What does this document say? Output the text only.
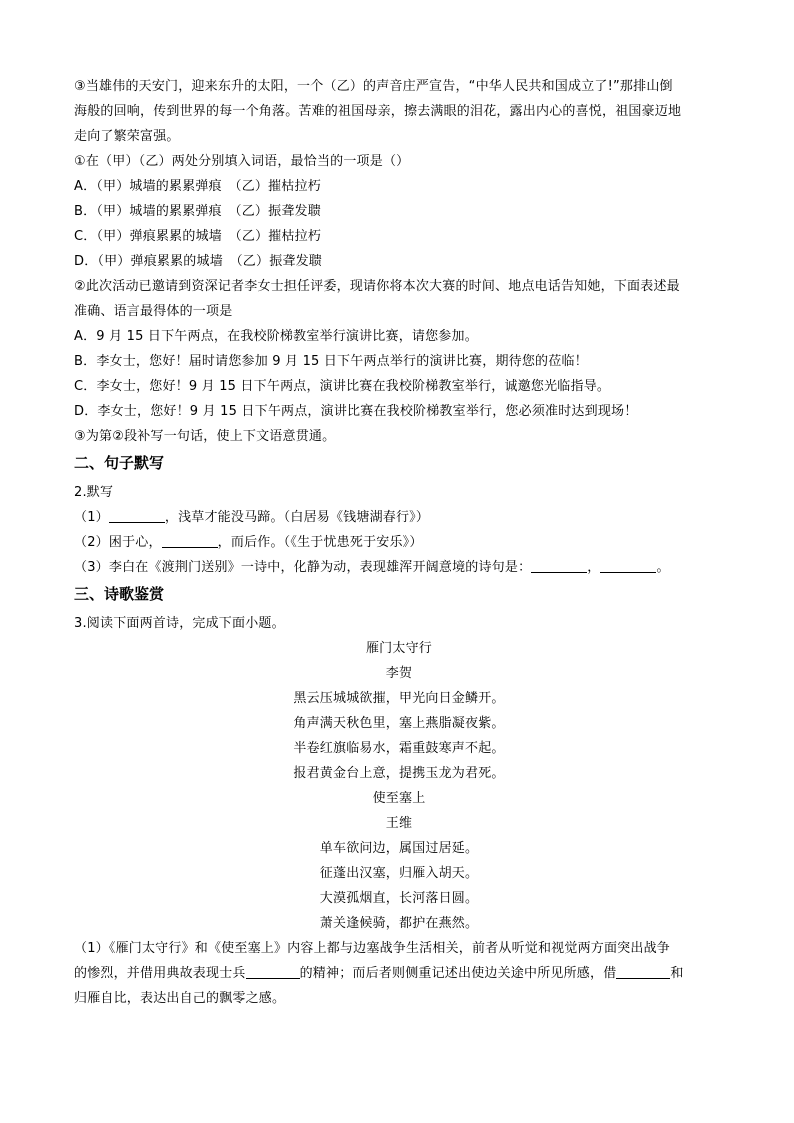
③当雄伟的天安门，迎来东升的太阳，一个（乙）的声音庄严宣告，“中华人民共和国成立了!”那排山倒
海般的回响，传到世界的每一个角落。苦难的祖国母亲，擦去满眼的泪花，露出内心的喜悦，祖国豪迈地
走向了繁荣富强。
①在（甲）（乙）两处分别填入词语，最恰当的一项是（）
A．（甲）城墙的累累弹痕　（乙）摧枯拉朽
B．（甲）城墙的累累弹痕　（乙）振聋发聩
C．（甲）弹痕累累的城墙　（乙）摧枯拉朽
D．（甲）弹痕累累的城墙　（乙）振聋发聩
②此次活动已邀请到资深记者李女士担任评委，现请你将本次大赛的时间、地点电话告知她，下面表述最
准确、语言最得体的一项是
A．9 月 15 日下午两点，在我校阶梯教室举行演讲比赛，请您参加。
B．李女士，您好！届时请您参加 9 月 15 日下午两点举行的演讲比赛，期待您的莅临！
C．李女士，您好！9 月 15 日下午两点，演讲比赛在我校阶梯教室举行，诚邀您光临指导。
D．李女士，您好！9 月 15 日下午两点，演讲比赛在我校阶梯教室举行，您必须准时达到现场！
③为第②段补写一句话，使上下文语意贯通。
二、句子默写
2.默写
（1）	，浅草才能没马蹄。（白居易《钱塘湖春行》）
（2）困于心，	，而后作。（《生于忧患死于安乐》）
（3）李白在《渡荆门送别》一诗中，化静为动，表现雄浑开阔意境的诗句是：	，	。
三、诗歌鉴赏
3.阅读下面两首诗，完成下面小题。
雁门太守行
李贺
黑云压城城欲摧，甲光向日金鳞开。
角声满天秋色里，塞上燕脂凝夜紫。
半卷红旗临易水，霜重鼓寒声不起。
报君黄金台上意，提携玉龙为君死。
使至塞上
王维
单车欲问边，属国过居延。
征蓬出汉塞，归雁入胡天。
大漠孤烟直，长河落日圆。
萧关逢候骑，都护在燕然。
（1）《雁门太守行》和《使至塞上》内容上都与边塞战争生活相关，前者从听觉和视觉两方面突出战争
的惨烈，并借用典故表现士兵	的精神；而后者则侧重记述出使边关途中所见所感，借	和
归雁自比，表达出自己的飘零之感。
